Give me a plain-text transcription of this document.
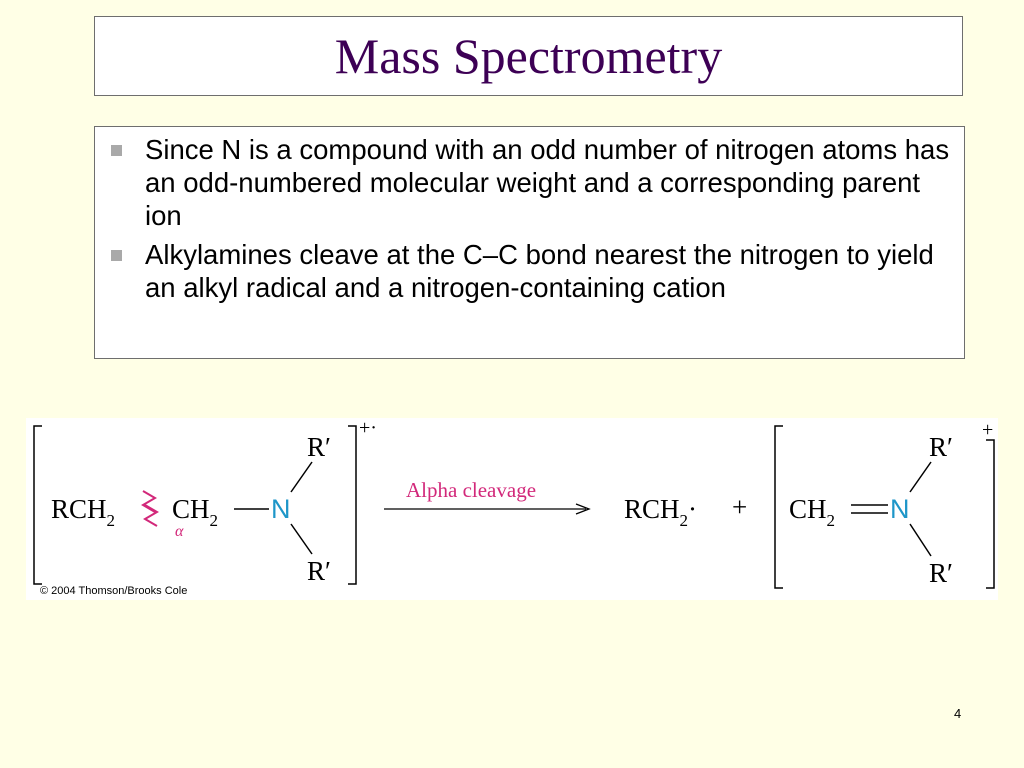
Mass Spectrometry
Since N is a compound with an odd number of nitrogen atoms has an odd-numbered molecular weight and a corresponding parent ion
Alkylamines cleave at the C–C bond nearest the nitrogen to yield an alkyl radical and a nitrogen-containing cation
+·
$RCH_2$ $CH_2$
α
N
R′
R′
Alpha cleavage
$RCH_2\cdot$ +
+
$CH_2$ N
R′
R′
© 2004 Thomson/Brooks Cole
4
